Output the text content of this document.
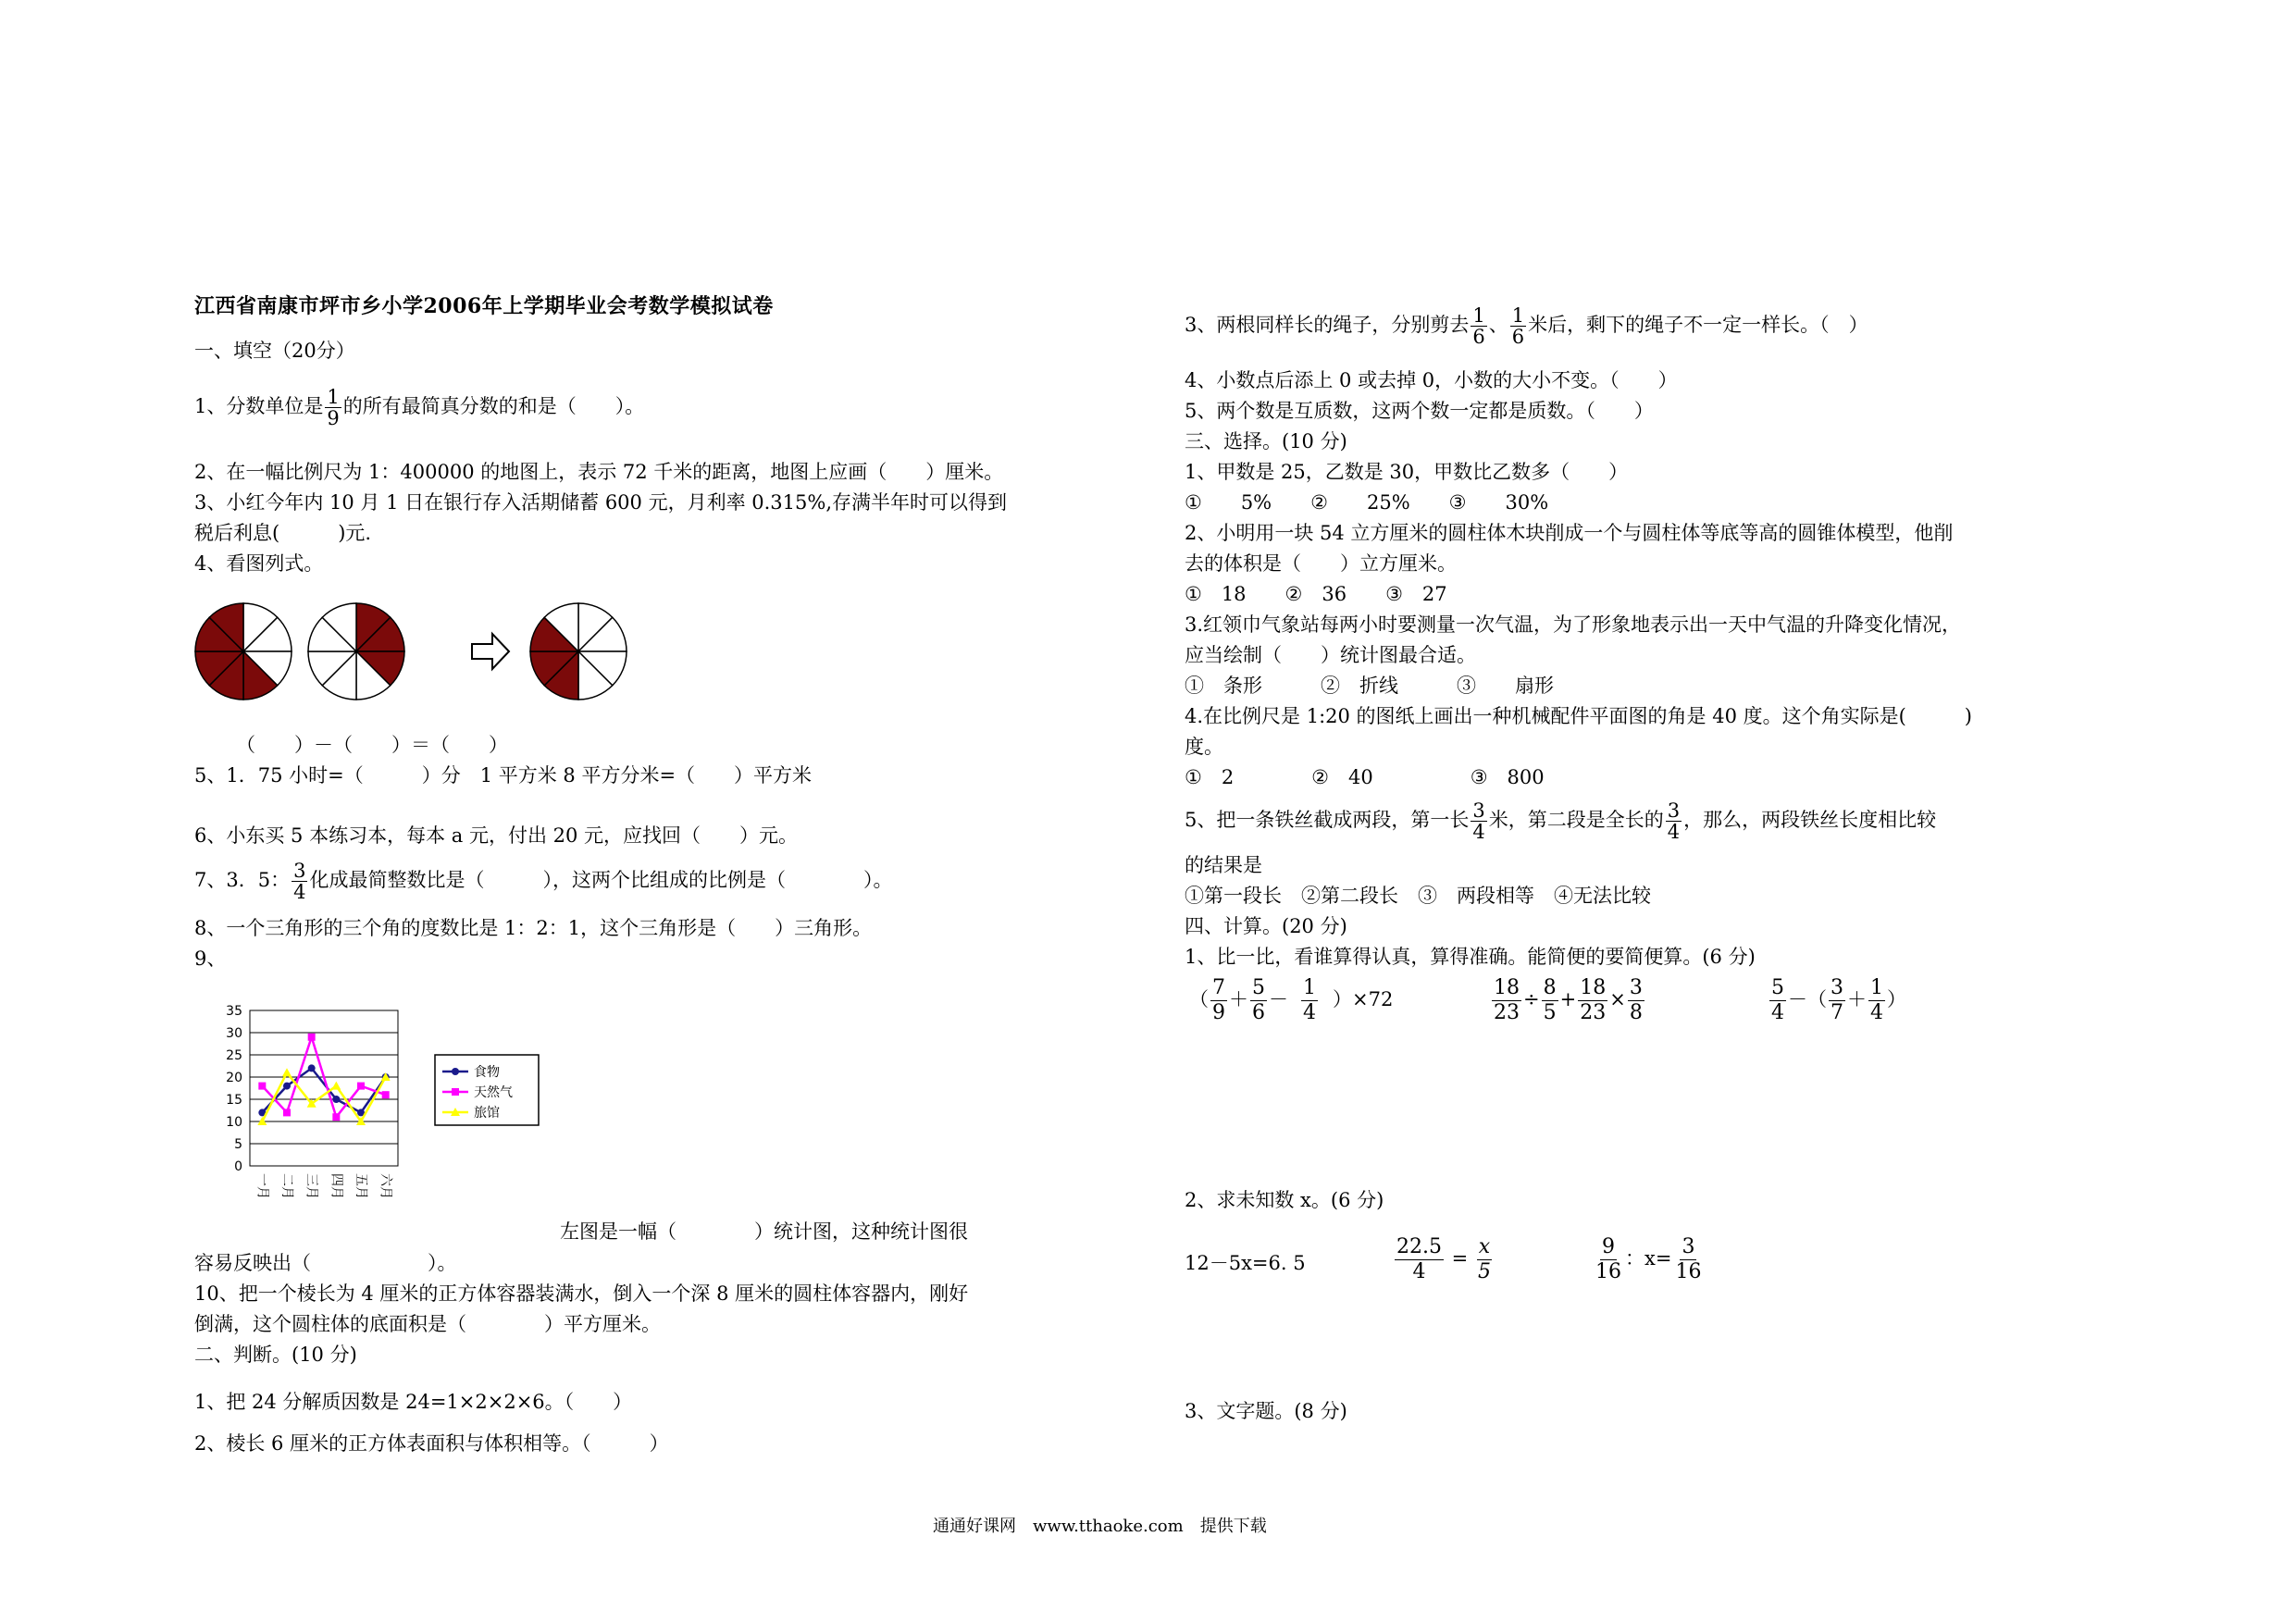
江西省南康市坪市乡小学2006年上学期毕业会考数学模拟试卷
一、填空（20分）
1、分数单位是 $\frac{1}{9}$ 的所有最简真分数的和是（　　）。
2、在一幅比例尺为 1：400000 的地图上，表示 72 千米的距离，地图上应画（　　）厘米。
3、小红今年内 10 月 1 日在银行存入活期储蓄 600 元，月利率 0.315%,存满半年时可以得到
税后利息(　　　)元.
4、看图列式。
（　　）－（　　）＝（　　）
5、1．75 小时=（　　　）分　1 平方米 8 平方分米=（　　）平方米
6、小东买 5 本练习本，每本 a 元，付出 20 元，应找回（　　）元。
7、3．5： $\frac{3}{4}$ 化成最简整数比是（　　　），这两个比组成的比例是（　　　　）。
8、一个三角形的三个角的度数比是 1：2：1，这个三角形是（　　）三角形。
9、
0
5
10
15
20
25
30
35
一月 二月 三月 四月 五月 六月
食物
天然气
旅馆
左图是一幅（　　　　）统计图，这种统计图很
容易反映出（　　　　　　）。
10、把一个棱长为 4 厘米的正方体容器装满水，倒入一个深 8 厘米的圆柱体容器内，刚好
倒满，这个圆柱体的底面积是（　　　　）平方厘米。
二、判断。(10 分)
1、把 24 分解质因数是 24=1×2×2×6。（　　）
2、棱长 6 厘米的正方体表面积与体积相等。（　　　）
3、两根同样长的绳子，分别剪去 $\frac{1}{6}$ 、 $\frac{1}{6}$ 米后，剩下的绳子不一定一样长。（　）
4、小数点后添上 0 或去掉 0，小数的大小不变。（　　）
5、两个数是互质数，这两个数一定都是质数。（　　）
三、选择。(10 分)
1、甲数是 25，乙数是 30，甲数比乙数多（　　）
①　　5%　　②　　25%　　③　　30%
2、小明用一块 54 立方厘米的圆柱体木块削成一个与圆柱体等底等高的圆锥体模型，他削
去的体积是（　　）立方厘米。
①　18　　②　36　　③　27
3.红领巾气象站每两小时要测量一次气温，为了形象地表示出一天中气温的升降变化情况，
应当绘制（　　）统计图最合适。
①　条形　　　②　折线　　　③　　扇形
4.在比例尺是 1:20 的图纸上画出一种机械配件平面图的角是 40 度。这个角实际是(　　　)
度。
①　2　　　　②　40　　　　　③　800
5、把一条铁丝截成两段，第一长 $\frac{3}{4}$ 米，第二段是全长的 $\frac{3}{4}$ ，那么，两段铁丝长度相比较
的结果是
①第一段长　②第二段长　③　两段相等　④无法比较
四、计算。(20 分)
1、比一比，看谁算得认真，算得准确。能简便的要简便算。(6 分)
（ $\frac{7}{9} + \frac{5}{6} - \frac{1}{4} )\times 72$	$\frac{18}{23} \div \frac{8}{5} + \frac{18}{23} \times \frac{3}{8}$	$\frac{5}{4}$ －（ $\frac{3}{7} + \frac{1}{4}$ ）
2、求未知数 x。(6 分)
12－5x=6. 5	$\frac{22.5}{4} = \frac{x}{5}$	$\frac{9}{16}$ ：$x= \frac{3}{16}$
3、文字题。(8 分)
通通好课网　www.tthaoke.com　提供下载
